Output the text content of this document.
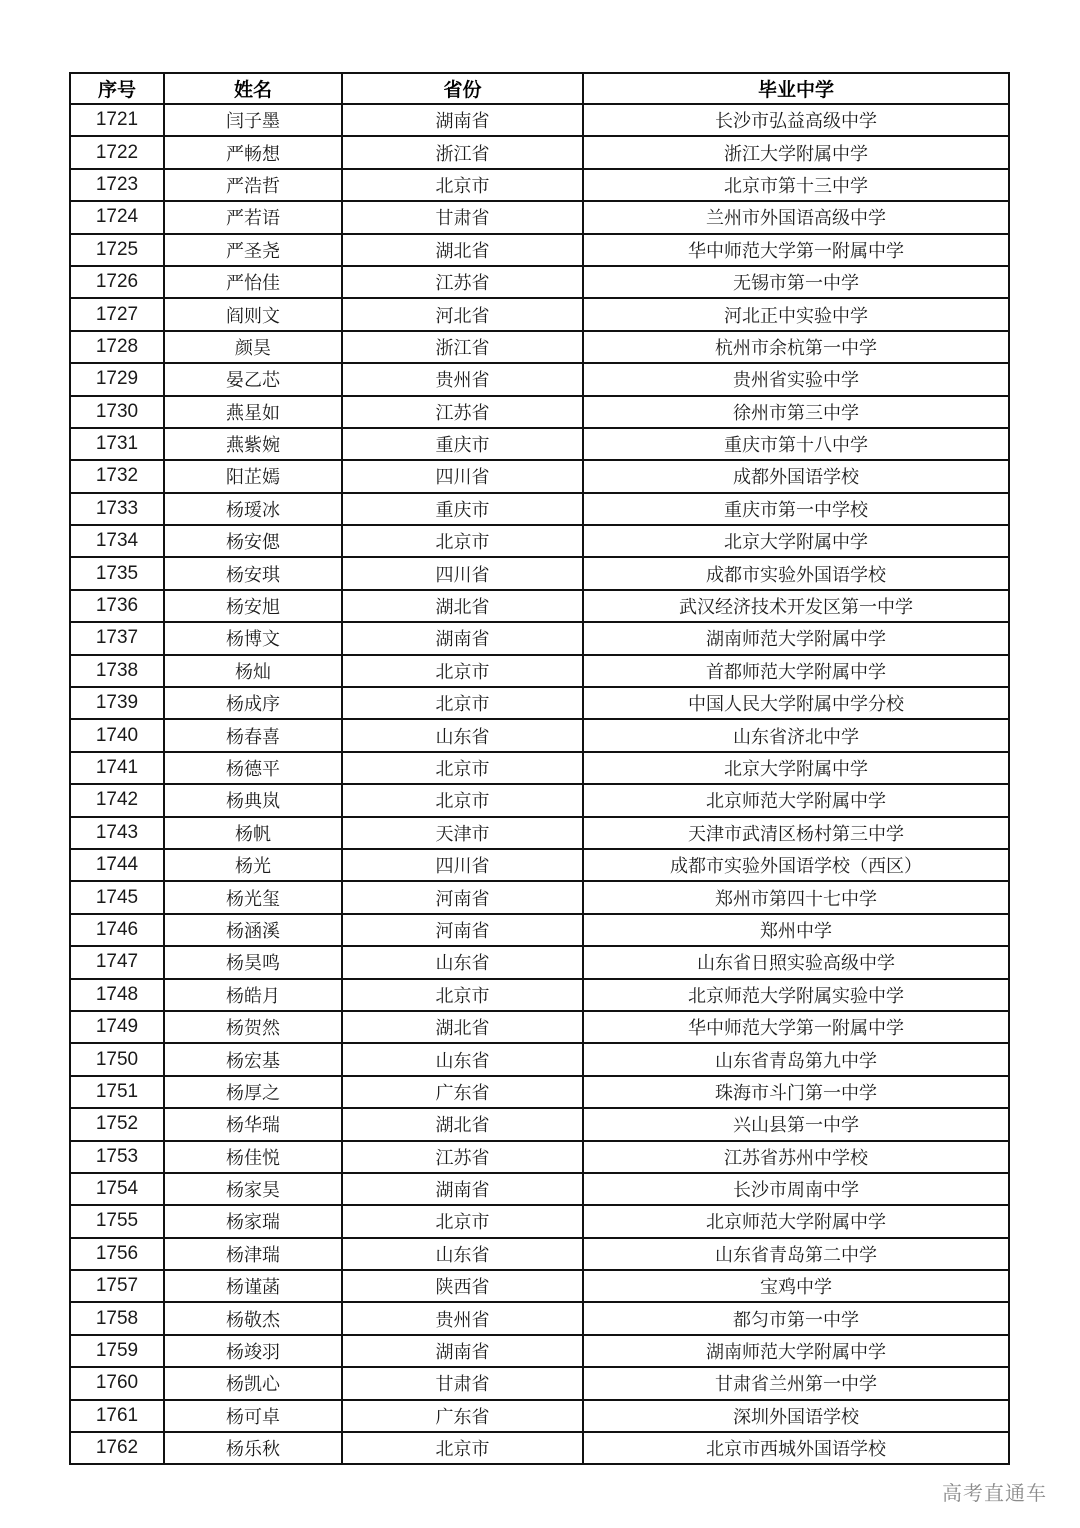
序号	姓名	省份	毕业中学
1721	闫子墨	湖南省	长沙市弘益高级中学
1722	严畅想	浙江省	浙江大学附属中学
1723	严浩哲	北京市	北京市第十三中学
1724	严若语	甘肃省	兰州市外国语高级中学
1725	严圣尧	湖北省	华中师范大学第一附属中学
1726	严怡佳	江苏省	无锡市第一中学
1727	阎则文	河北省	河北正中实验中学
1728	颜昊	浙江省	杭州市余杭第一中学
1729	晏乙芯	贵州省	贵州省实验中学
1730	燕星如	江苏省	徐州市第三中学
1731	燕紫婉	重庆市	重庆市第十八中学
1732	阳芷嫣	四川省	成都外国语学校
1733	杨瑷冰	重庆市	重庆市第一中学校
1734	杨安偲	北京市	北京大学附属中学
1735	杨安琪	四川省	成都市实验外国语学校
1736	杨安旭	湖北省	武汉经济技术开发区第一中学
1737	杨博文	湖南省	湖南师范大学附属中学
1738	杨灿	北京市	首都师范大学附属中学
1739	杨成序	北京市	中国人民大学附属中学分校
1740	杨春喜	山东省	山东省济北中学
1741	杨德平	北京市	北京大学附属中学
1742	杨典岚	北京市	北京师范大学附属中学
1743	杨帆	天津市	天津市武清区杨村第三中学
1744	杨光	四川省	成都市实验外国语学校（西区）
1745	杨光玺	河南省	郑州市第四十七中学
1746	杨涵溪	河南省	郑州中学
1747	杨昊鸣	山东省	山东省日照实验高级中学
1748	杨皓月	北京市	北京师范大学附属实验中学
1749	杨贺然	湖北省	华中师范大学第一附属中学
1750	杨宏基	山东省	山东省青岛第九中学
1751	杨厚之	广东省	珠海市斗门第一中学
1752	杨华瑞	湖北省	兴山县第一中学
1753	杨佳悦	江苏省	江苏省苏州中学校
1754	杨家昊	湖南省	长沙市周南中学
1755	杨家瑞	北京市	北京师范大学附属中学
1756	杨津瑞	山东省	山东省青岛第二中学
1757	杨谨菡	陕西省	宝鸡中学
1758	杨敬杰	贵州省	都匀市第一中学
1759	杨竣羽	湖南省	湖南师范大学附属中学
1760	杨凯心	甘肃省	甘肃省兰州第一中学
1761	杨可卓	广东省	深圳外国语学校
1762	杨乐秋	北京市	北京市西城外国语学校
高考直通车
